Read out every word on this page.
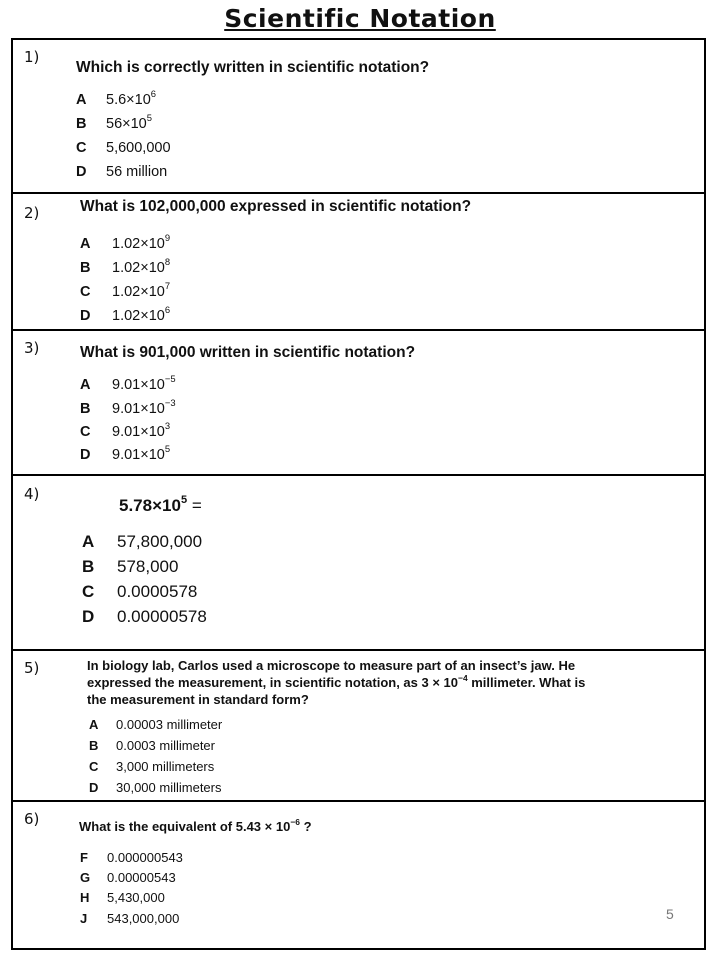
Scientific Notation
1)
Which is correctly written in scientific notation?
A $5.6\times 10^6$
B $56\times 10^5$
C 5,600,000
D 56 million
2)	What is 102,000,000 expressed in scientific notation?
A $1.02\times 10^9$
B $1.02\times 10^8$
C $1.02\times 10^7$
D $1.02\times 10^6$
3)	What is 901,000 written in scientific notation?
A $9.01\times 10^{-5}$
B $9.01\times 10^{-3}$
C $9.01\times 10^3$
D $9.01\times 10^5$
4)
$5.78\times 10^5$ =
A 57,800,000
B 578,000
C 0.0000578
D 0.00000578
5)	In biology lab, Carlos used a microscope to measure part of an insect’s jaw. He
expressed the measurement, in scientific notation, as $3 \times 10^{-4}$ millimeter. What is
the measurement in standard form?
A 0.00003 millimeter
B 0.0003 millimeter
C 3,000 millimeters
D 30,000 millimeters
6)	What is the equivalent of $5.43 \times 10^{-6}$ ?
F 0.000000543
G 0.00000543
H 5,430,000
J 543,000,000	5
